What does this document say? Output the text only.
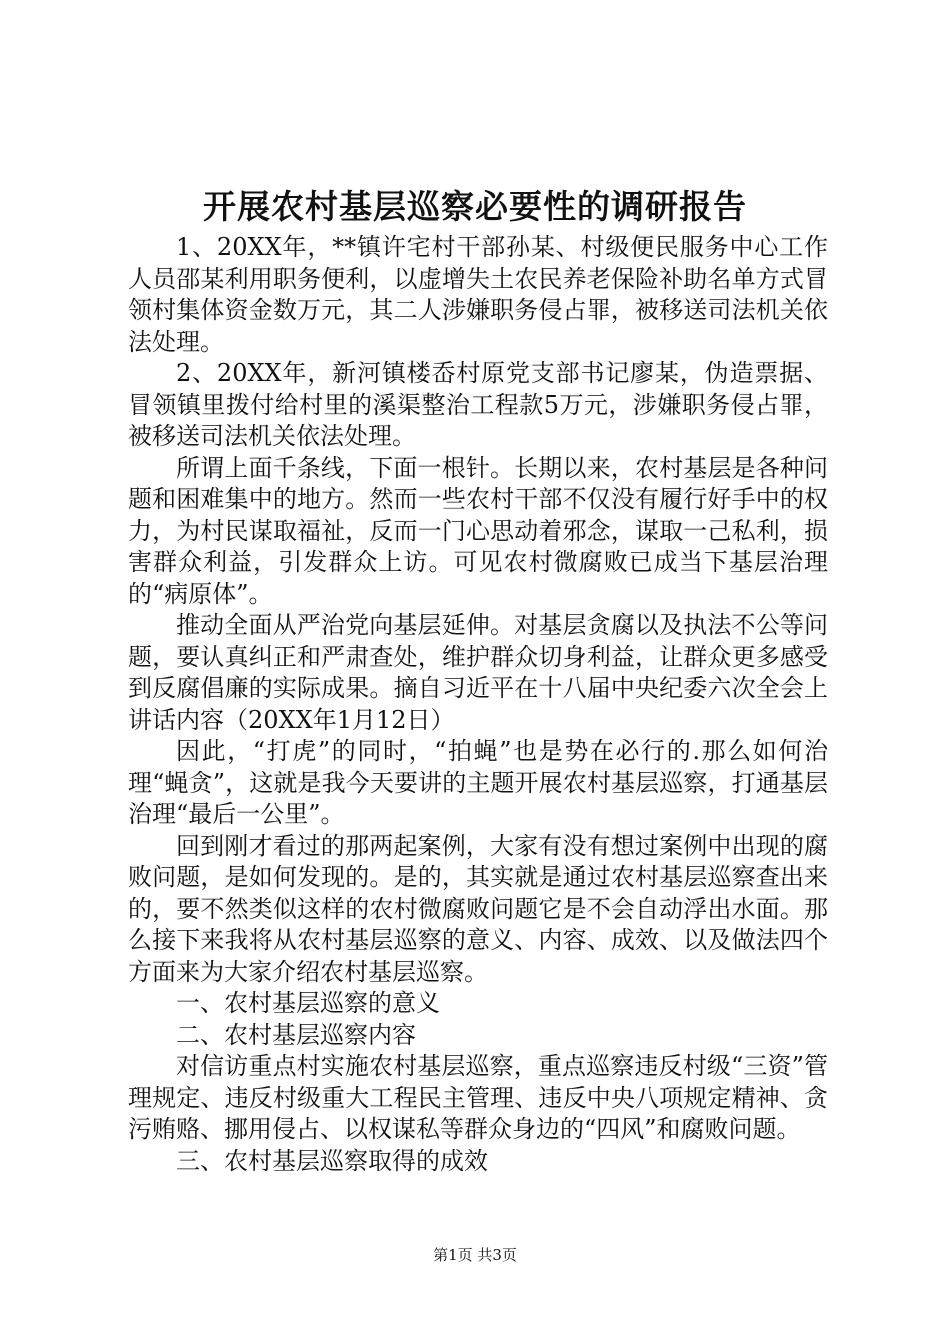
开展农村基层巡察必要性的调研报告

1、20XX年，**镇许宅村干部孙某、村级便民服务中心工作人员邵某利用职务便利，以虚增失土农民养老保险补助名单方式冒领村集体资金数万元，其二人涉嫌职务侵占罪，被移送司法机关依法处理。

2、20XX年，新河镇楼岙村原党支部书记廖某，伪造票据、冒领镇里拨付给村里的溪渠整治工程款5万元，涉嫌职务侵占罪，被移送司法机关依法处理。

所谓上面千条线，下面一根针。长期以来，农村基层是各种问题和困难集中的地方。然而一些农村干部不仅没有履行好手中的权力，为村民谋取福祉，反而一门心思动着邪念，谋取一己私利，损害群众利益，引发群众上访。可见农村微腐败已成当下基层治理的“病原体”。

推动全面从严治党向基层延伸。对基层贪腐以及执法不公等问题，要认真纠正和严肃查处，维护群众切身利益，让群众更多感受到反腐倡廉的实际成果。摘自习近平在十八届中央纪委六次全会上讲话内容（20XX年1月12日）

因此，“打虎”的同时，“拍蝇”也是势在必行的.那么如何治理“蝇贪”，这就是我今天要讲的主题开展农村基层巡察，打通基层治理“最后一公里”。

回到刚才看过的那两起案例，大家有没有想过案例中出现的腐败问题，是如何发现的。是的，其实就是通过农村基层巡察查出来的，要不然类似这样的农村微腐败问题它是不会自动浮出水面。那么接下来我将从农村基层巡察的意义、内容、成效、以及做法四个方面来为大家介绍农村基层巡察。

一、农村基层巡察的意义

二、农村基层巡察内容

对信访重点村实施农村基层巡察，重点巡察违反村级“三资”管理规定、违反村级重大工程民主管理、违反中央八项规定精神、贪污贿赂、挪用侵占、以权谋私等群众身边的“四风”和腐败问题。

三、农村基层巡察取得的成效

第1页 共3页
